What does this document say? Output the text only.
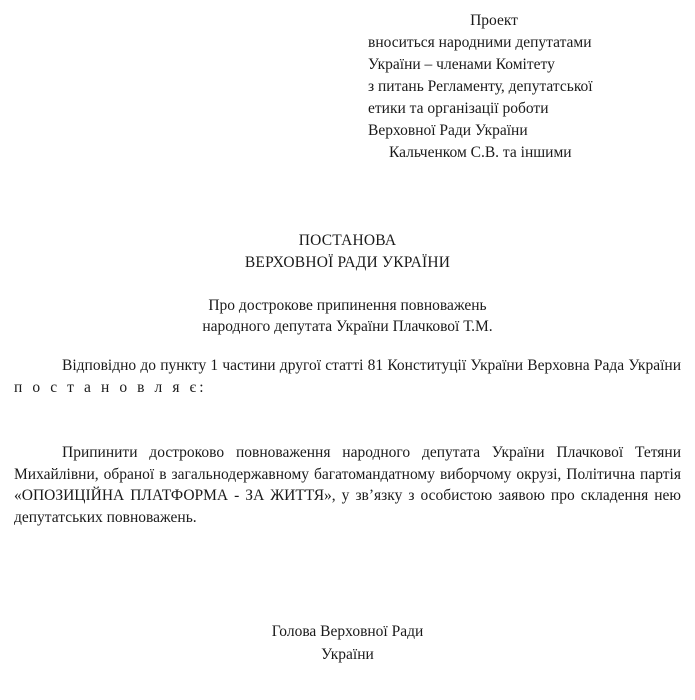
Проект
вноситься народними депутатами
України – членами Комітету
з питань Регламенту, депутатської
етики та організації роботи
Верховної Ради України
Кальченком С.В. та іншими
ПОСТАНОВА
ВЕРХОВНОЇ РАДИ УКРАЇНИ
Про дострокове припинення повноважень
народного депутата України Плачкової Т.М.

Відповідно до пункту 1 частини другої статті 81 Конституції України Верховна Рада України п о с т а н о в л я є:

Припинити достроково повноваження народного депутата України Плачкової Тетяни Михайлівни, обраної в загальнодержавному багатомандатному виборчому окрузі, Політична партія «ОПОЗИЦІЙНА ПЛАТФОРМА - ЗА ЖИТТЯ», у зв’язку з особистою заявою про складення нею депутатських повноважень.

Голова Верховної Ради
України
